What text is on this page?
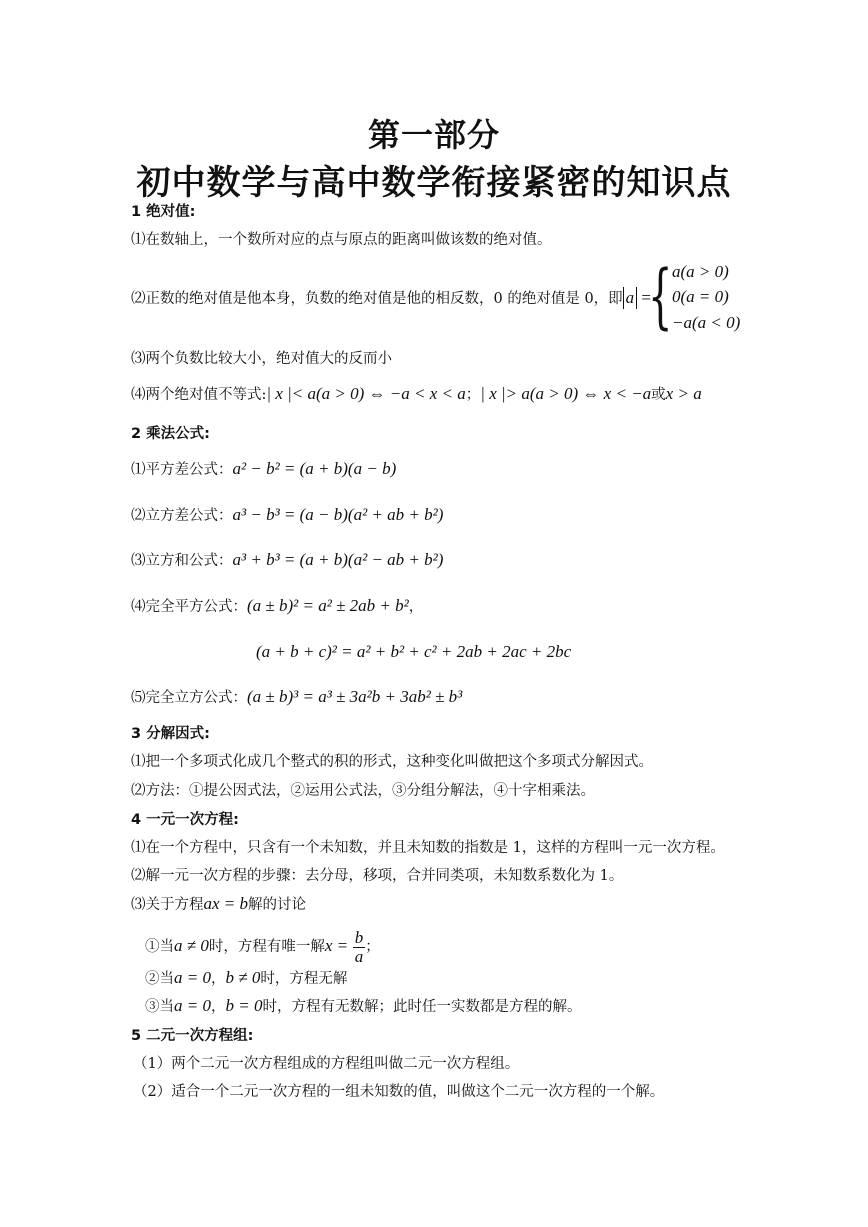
第一部分
初中数学与高中数学衔接紧密的知识点
1 绝对值:
⑴在数轴上，一个数所对应的点与原点的距离叫做该数的绝对值。
⑵正数的绝对值是他本身，负数的绝对值是他的相反数，0 的绝对值是 0，即 a =
{ a(a > 0)
0(a = 0)
−a(a < 0)
⑶两个负数比较大小，绝对值大的反而小
⑷两个绝对值不等式:| x |< a(a > 0) ⇔ −a < x < a；| x |> a(a > 0) ⇔ x < −a或x > a
2 乘法公式:
⑴平方差公式：a² − b² = (a + b)(a − b)
⑵立方差公式：a³ − b³ = (a − b)(a² + ab + b²)
⑶立方和公式：a³ + b³ = (a + b)(a² − ab + b²)
⑷完全平方公式：(a ± b)² = a² ± 2ab + b²，
(a + b + c)² = a² + b² + c² + 2ab + 2ac + 2bc
⑸完全立方公式：(a ± b)³ = a³ ± 3a²b + 3ab² ± b³
3 分解因式:
⑴把一个多项式化成几个整式的积的形式，这种变化叫做把这个多项式分解因式。
⑵方法：①提公因式法，②运用公式法，③分组分解法，④十字相乘法。
4 一元一次方程:
⑴在一个方程中，只含有一个未知数，并且未知数的指数是 1，这样的方程叫一元一次方程。
⑵解一元一次方程的步骤：去分母，移项，合并同类项，未知数系数化为 1。
⑶关于方程ax = b解的讨论
①当a ≠ 0时，方程有唯一解$x = \frac{b}{a}$ ；
②当a = 0，b ≠ 0时，方程无解
③当a = 0，b = 0时，方程有无数解；此时任一实数都是方程的解。
5 二元一次方程组:
（1）两个二元一次方程组成的方程组叫做二元一次方程组。
（2）适合一个二元一次方程的一组未知数的值，叫做这个二元一次方程的一个解。
